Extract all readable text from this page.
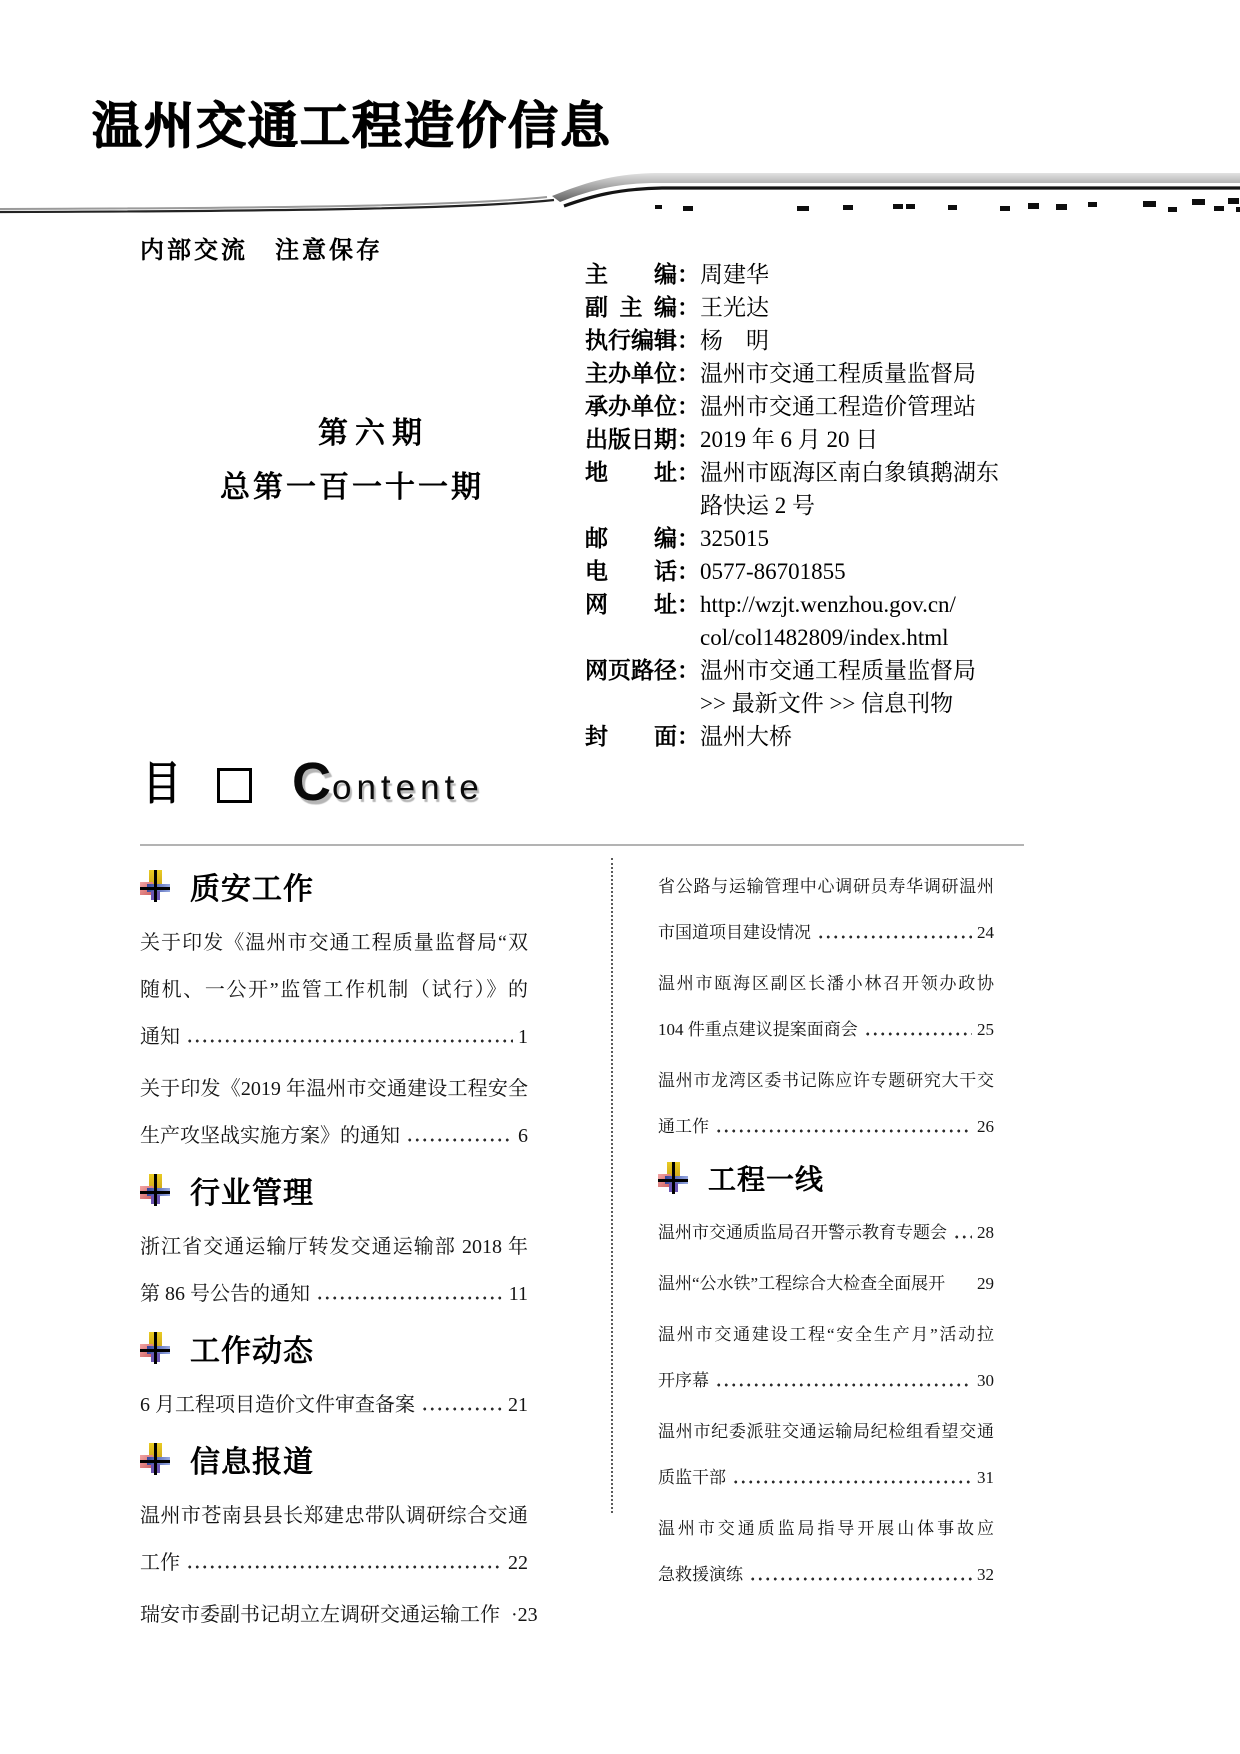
温州交通工程造价信息
内部交流　注意保存
第六期
总第一百一十一期
主编 ： 周建华
副主编 ： 王光达
执行编辑 ： 杨　明
主办单位 ： 温州市交通工程质量监督局
承办单位 ： 温州市交通工程造价管理站
出版日期 ： 2019 年 6 月 20 日
地址 ： 温州市瓯海区南白象镇鹅湖东
路快运 2 号
邮编 ： 325015
电话 ： 0577-86701855
网址 ： http://wzjt.wenzhou.gov.cn/
col/col1482809/index.html
网页路径 ： 温州市交通工程质量监督局
>> 最新文件 >> 信息刊物
封面 ： 温州大桥
目 C ontente
质安工作
关于印发《温州市交通工程质量监督局“双
随机、一公开”监管工作机制（试行）》的
通知	1
关于印发《2019 年温州市交通建设工程安全
生产攻坚战实施方案》的通知	6
行业管理
浙江省交通运输厅转发交通运输部 2018 年
第 86 号公告的通知	11
工作动态
6 月工程项目造价文件审查备案	21
信息报道
温州市苍南县县长郑建忠带队调研综合交通
工作	22
瑞安市委副书记胡立左调研交通运输工作 ·23
省公路与运输管理中心调研员寿华调研温州
市国道项目建设情况	24
温州市瓯海区副区长潘小林召开领办政协
104 件重点建议提案面商会	25
温州市龙湾区委书记陈应许专题研究大干交
通工作	26
工程一线
温州市交通质监局召开警示教育专题会 28
温州“公水铁”工程综合大检查全面展开 29
温州市交通建设工程“安全生产月”活动拉
开序幕	30
温州市纪委派驻交通运输局纪检组看望交通
质监干部	31
温州市交通质监局指导开展山体事故应
急救援演练	32
